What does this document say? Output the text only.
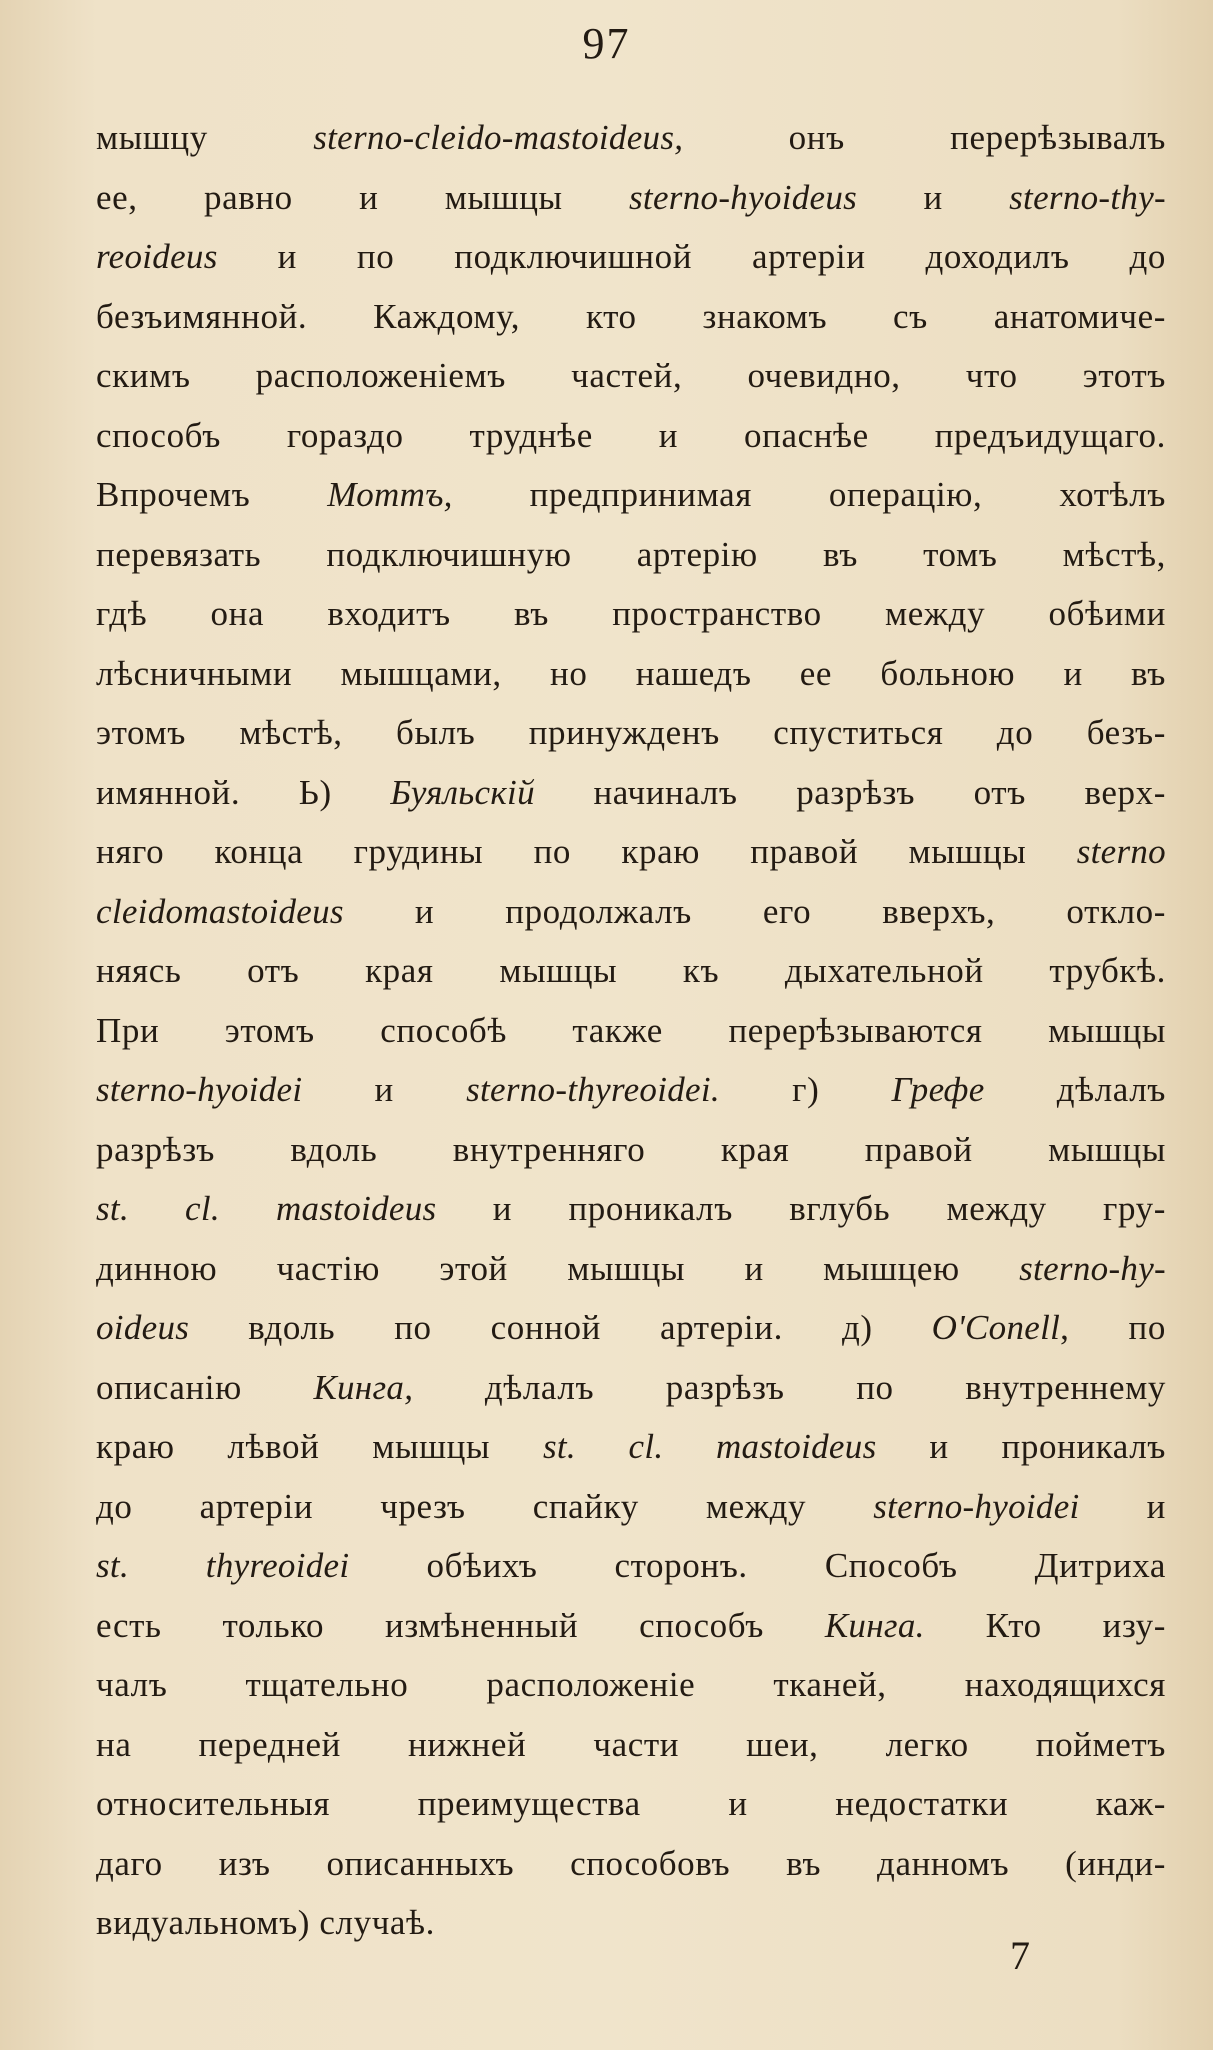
97
мышцу sterno-cleido-mastoideus, онъ перерѣзывалъ
ее, равно и мышцы sterno-hyoideus и sterno-thy-
reoideus и по подключишной артеріи доходилъ до
безъимянной. Каждому, кто знакомъ съ анатомиче-
скимъ расположеніемъ частей, очевидно, что этотъ
способъ гораздо труднѣе и опаснѣе предъидущаго.
Впрочемъ Моттъ, предпринимая операцію, хотѣлъ
перевязать подключишную артерію въ томъ мѣстѣ,
гдѣ она входитъ въ пространство между обѣими
лѣсничными мышцами, но нашедъ ее больною и въ
этомъ мѣстѣ, былъ принужденъ спуститься до безъ-
имянной. Ь) Буяльскій начиналъ разрѣзъ отъ верх-
няго конца грудины по краю правой мышцы sterno
cleidomastoideus и продолжалъ его вверхъ, откло-
няясь отъ края мышцы къ дыхательной трубкѣ.
При этомъ способѣ также перерѣзываются мышцы
sterno-hyoidei и sterno-thyreoidei. г) Грефе дѣлалъ
разрѣзъ вдоль внутренняго края правой мышцы
st. cl. mastoideus и проникалъ вглубь между гру-
динною частію этой мышцы и мышцею sterno-hy-
oideus вдоль по сонной артеріи. д) O'Conell, по
описанію Кинга, дѣлалъ разрѣзъ по внутреннему
краю лѣвой мышцы st. cl. mastoideus и проникалъ
до артеріи чрезъ спайку между sterno-hyoidei и
st. thyreoidei обѣихъ сторонъ. Способъ Дитриха
есть только измѣненный способъ Кинга. Кто изу-
чалъ тщательно расположеніе тканей, находящихся
на передней нижней части шеи, легко пойметъ
относительныя преимущества и недостатки каж-
даго изъ описанныхъ способовъ въ данномъ (инди-
видуальномъ) случаѣ.
7
